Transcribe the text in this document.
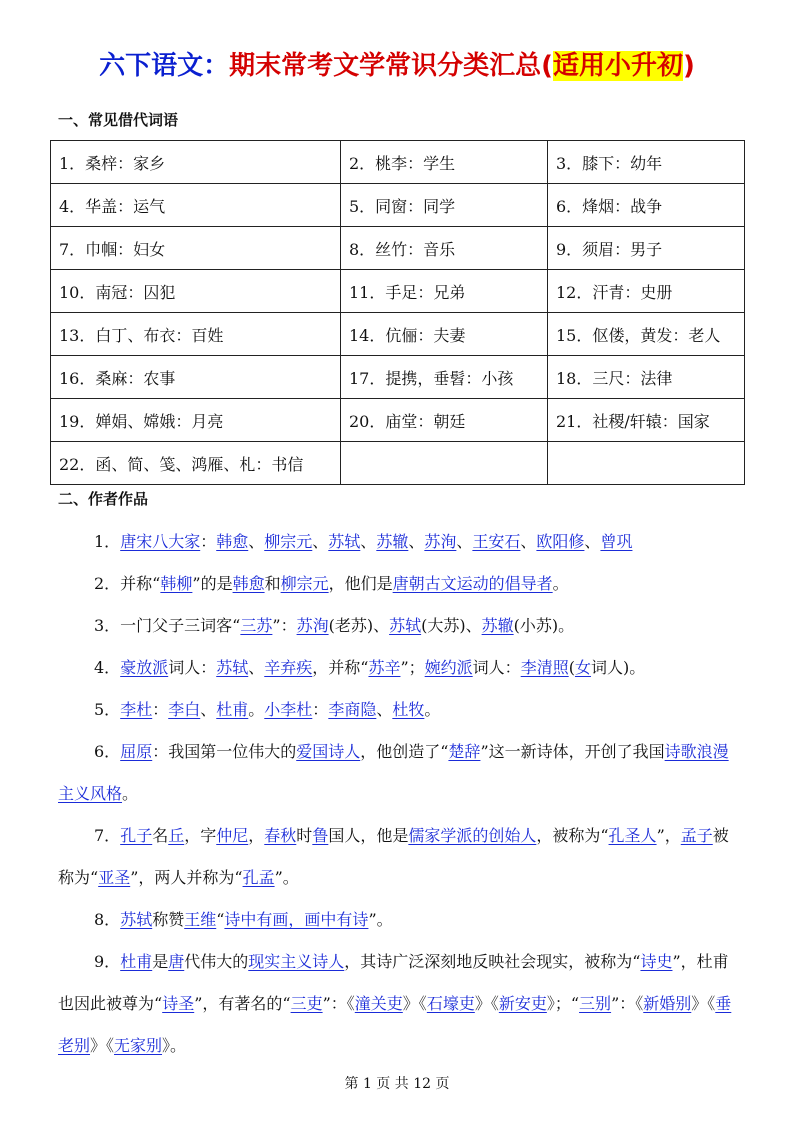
六下语文：期末常考文学常识分类汇总(适用小升初)
一、常见借代词语
1．桑梓：家乡	2．桃李：学生	3．膝下：幼年
4．华盖：运气	5．同窗：同学	6．烽烟：战争
7．巾帼：妇女	8．丝竹：音乐	9．须眉：男子
10．南冠：囚犯	11．手足：兄弟	12．汗青：史册
13．白丁、布衣：百姓	14．伉俪：夫妻	15．伛偻，黄发：老人
16．桑麻：农事	17．提携，垂髫：小孩	18．三尺：法律
19．婵娟、嫦娥：月亮	20．庙堂：朝廷	21．社稷/轩辕：国家
22．函、简、笺、鸿雁、札：书信		
二、作者作品

1．唐宋八大家：韩愈、柳宗元、苏轼、苏辙、苏洵、王安石、欧阳修、曾巩

2．并称“韩柳”的是韩愈和柳宗元，他们是唐朝古文运动的倡导者。

3．一门父子三词客“三苏”：苏洵(老苏)、苏轼(大苏)、苏辙(小苏)。

4．豪放派词人：苏轼、辛弃疾，并称“苏辛”；婉约派词人：李清照(女词人)。

5．李杜：李白、杜甫。小李杜：李商隐、杜牧。

6．屈原：我国第一位伟大的爱国诗人，他创造了“楚辞”这一新诗体，开创了我国诗歌浪漫主义风格。

7．孔子名丘，字仲尼，春秋时鲁国人，他是儒家学派的创始人，被称为“孔圣人”，孟子被称为“亚圣”，两人并称为“孔孟”。

8．苏轼称赞王维“诗中有画，画中有诗”。

9．杜甫是唐代伟大的现实主义诗人，其诗广泛深刻地反映社会现实，被称为“诗史”，杜甫也因此被尊为“诗圣”，有著名的“三吏”：《潼关吏》《石壕吏》《新安吏》；“三别”：《新婚别》《垂老别》《无家别》。

第 1 页 共 12 页
